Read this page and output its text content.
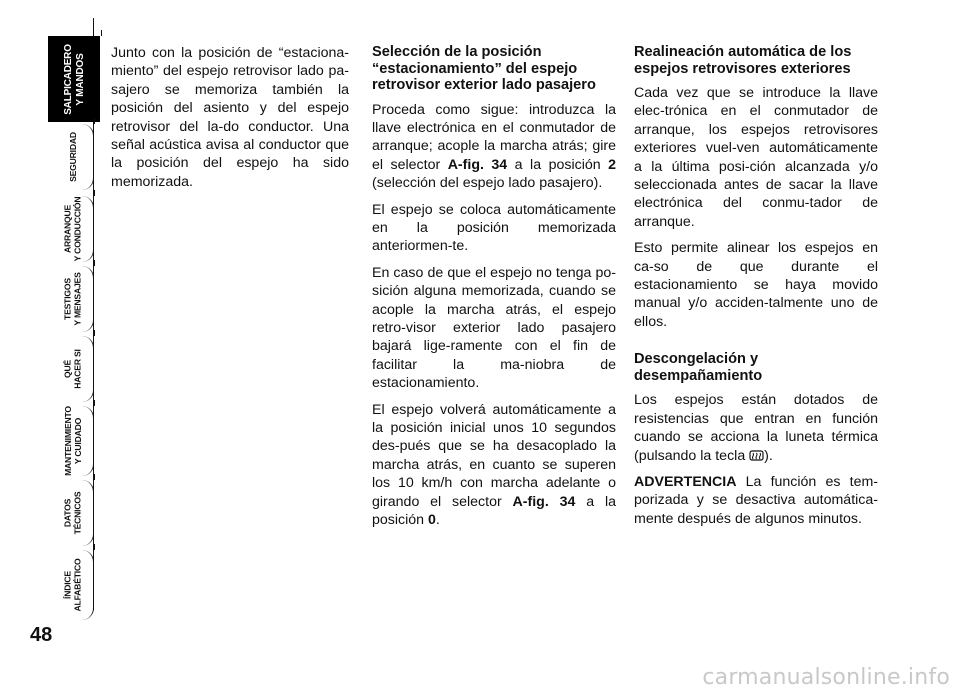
SALPICADERO
Y MANDOS
SEGURIDAD
ARRANQUE
Y CONDUCCIÓN
TESTIGOS
Y MENSAJES
QUÉ
HACER SI
MANTENIMIENTO
Y CUIDADO
DATOS
TÉCNICOS
ÍNDICE
ALFABÉTICO
48

Junto con la posición de “estaciona-miento” del espejo retrovisor lado pa-sajero se memoriza también la posición del asiento y del espejo retrovisor del la-do conductor. Una señal acústica avisa al conductor que la posición del espejo ha sido memorizada.

Selección de la posición “estacionamiento” del espejo retrovisor exterior lado pasajero

Proceda como sigue: introduzca la llave electrónica en el conmutador de arranque; acople la marcha atrás; gire el selector A-fig. 34 a la posición 2 (selección del espejo lado pasajero).

El espejo se coloca automáticamente en la posición memorizada anteriormen-te.

En caso de que el espejo no tenga po-sición alguna memorizada, cuando se acople la marcha atrás, el espejo retro-visor exterior lado pasajero bajará lige-ramente con el fin de facilitar la ma-niobra de estacionamiento.

El espejo volverá automáticamente a la posición inicial unos 10 segundos des-pués que se ha desacoplado la marcha atrás, en cuanto se superen los 10 km/h con marcha adelante o girando el selector A-fig. 34 a la posición 0.

Realineación automática de los espejos retrovisores exteriores

Cada vez que se introduce la llave elec-trónica en el conmutador de arranque, los espejos retrovisores exteriores vuel-ven automáticamente a la última posi-ción alcanzada y/o seleccionada antes de sacar la llave electrónica del conmu-tador de arranque.

Esto permite alinear los espejos en ca-so de que durante el estacionamiento se haya movido manual y/o acciden-talmente uno de ellos.

Descongelación y desempañamiento

Los espejos están dotados de resistencias que entran en función cuando se acciona la luneta térmica (pulsando la tecla ).

ADVERTENCIA La función es tem-porizada y se desactiva automática-mente después de algunos minutos.

carmanualsonline.info
